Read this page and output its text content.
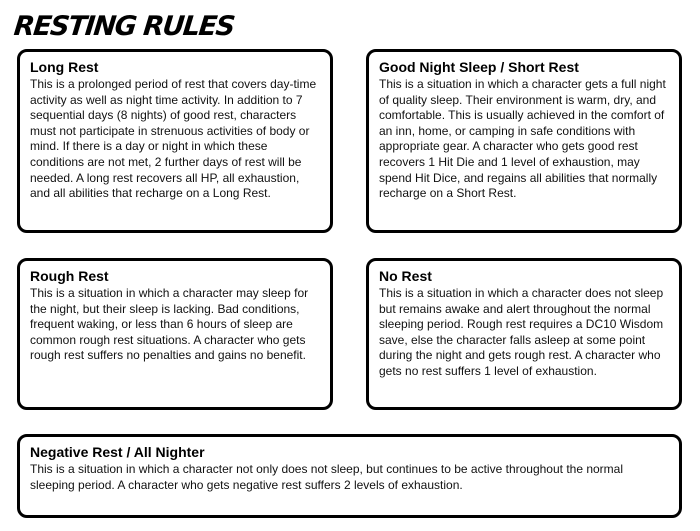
RESTING RULES
Long Rest

This is a prolonged period of rest that covers day-time activity as well as night time activity. In addition to 7 sequential days (8 nights) of good rest, characters must not participate in strenuous activities of body or mind. If there is a day or night in which these conditions are not met, 2 further days of rest will be needed. A long rest recovers all HP, all exhaustion, and all abilities that recharge on a Long Rest.

Good Night Sleep / Short Rest

This is a situation in which a character gets a full night of quality sleep. Their environment is warm, dry, and comfortable. This is usually achieved in the comfort of an inn, home, or camping in safe conditions with appropriate gear. A character who gets good rest recovers 1 Hit Die and 1 level of exhaustion, may spend Hit Dice, and regains all abilities that normally recharge on a Short Rest.

Rough Rest

This is a situation in which a character may sleep for the night, but their sleep is lacking. Bad conditions, frequent waking, or less than 6 hours of sleep are common rough rest situations. A character who gets rough rest suffers no penalties and gains no benefit.

No Rest

This is a situation in which a character does not sleep but remains awake and alert throughout the normal sleeping period. Rough rest requires a DC10 Wisdom save, else the character falls asleep at some point during the night and gets rough rest. A character who gets no rest suffers 1 level of exhaustion.

Negative Rest / All Nighter

This is a situation in which a character not only does not sleep, but continues to be active throughout the normal sleeping period. A character who gets negative rest suffers 2 levels of exhaustion.
